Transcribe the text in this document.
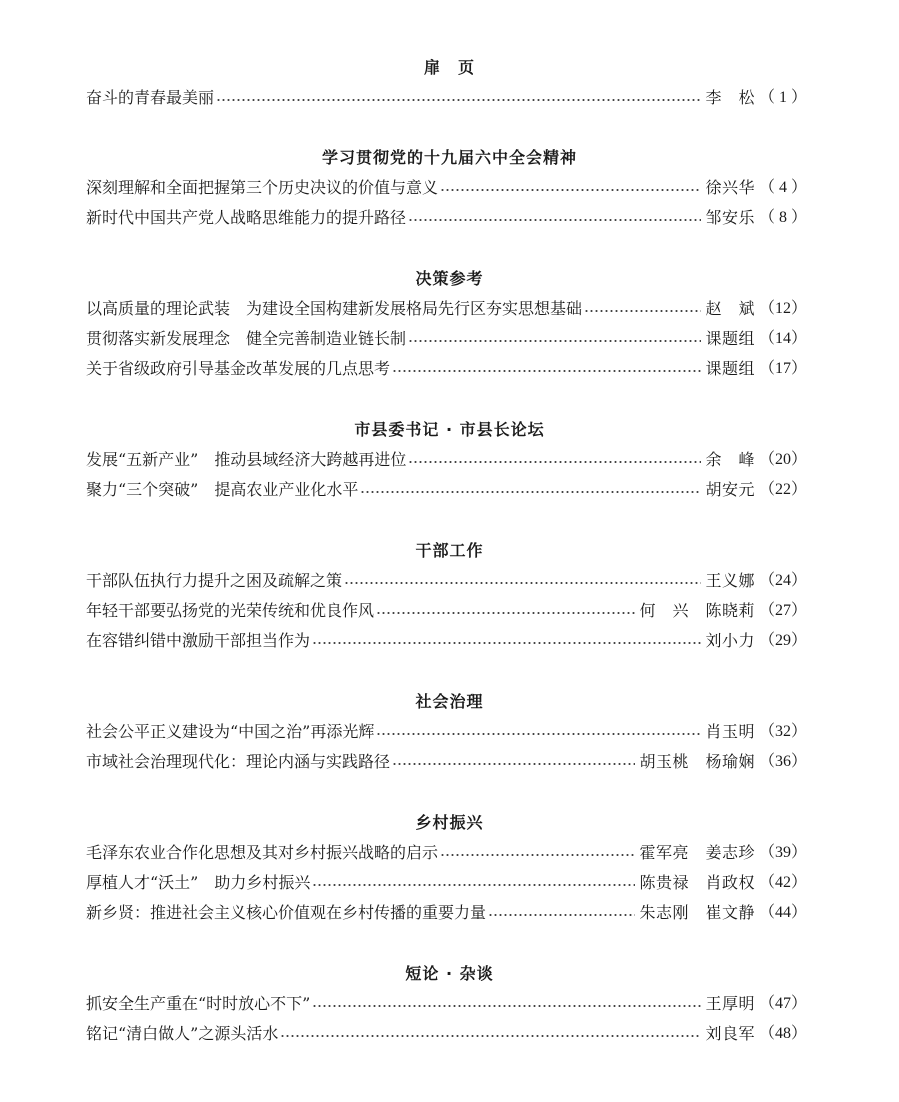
扉　页
奋斗的青春最美丽	李　松 （ 1 ）
学习贯彻党的十九届六中全会精神
深刻理解和全面把握第三个历史决议的价值与意义	徐兴华 （ 4 ）
新时代中国共产党人战略思维能力的提升路径	邹安乐 （ 8 ）
决策参考
以高质量的理论武装　为建设全国构建新发展格局先行区夯实思想基础	赵　斌 （12）
贯彻落实新发展理念　健全完善制造业链长制	课题组 （14）
关于省级政府引导基金改革发展的几点思考	课题组 （17）
市县委书记 · 市县长论坛
发展“五新产业”　推动县域经济大跨越再进位	余　峰 （20）
聚力“三个突破”　提高农业产业化水平	胡安元 （22）
干部工作
干部队伍执行力提升之困及疏解之策	王义娜 （24）
年轻干部要弘扬党的光荣传统和优良作风	何　兴　陈晓莉 （27）
在容错纠错中激励干部担当作为	刘小力 （29）
社会治理
社会公平正义建设为“中国之治”再添光辉	肖玉明 （32）
市域社会治理现代化：理论内涵与实践路径	胡玉桃　杨瑜娴 （36）
乡村振兴
毛泽东农业合作化思想及其对乡村振兴战略的启示	霍军亮　姜志珍 （39）
厚植人才“沃土”　助力乡村振兴	陈贵禄　肖政权 （42）
新乡贤：推进社会主义核心价值观在乡村传播的重要力量	朱志刚　崔文静 （44）
短论 · 杂谈
抓安全生产重在“时时放心不下”	王厚明 （47）
铭记“清白做人”之源头活水	刘良军 （48）
